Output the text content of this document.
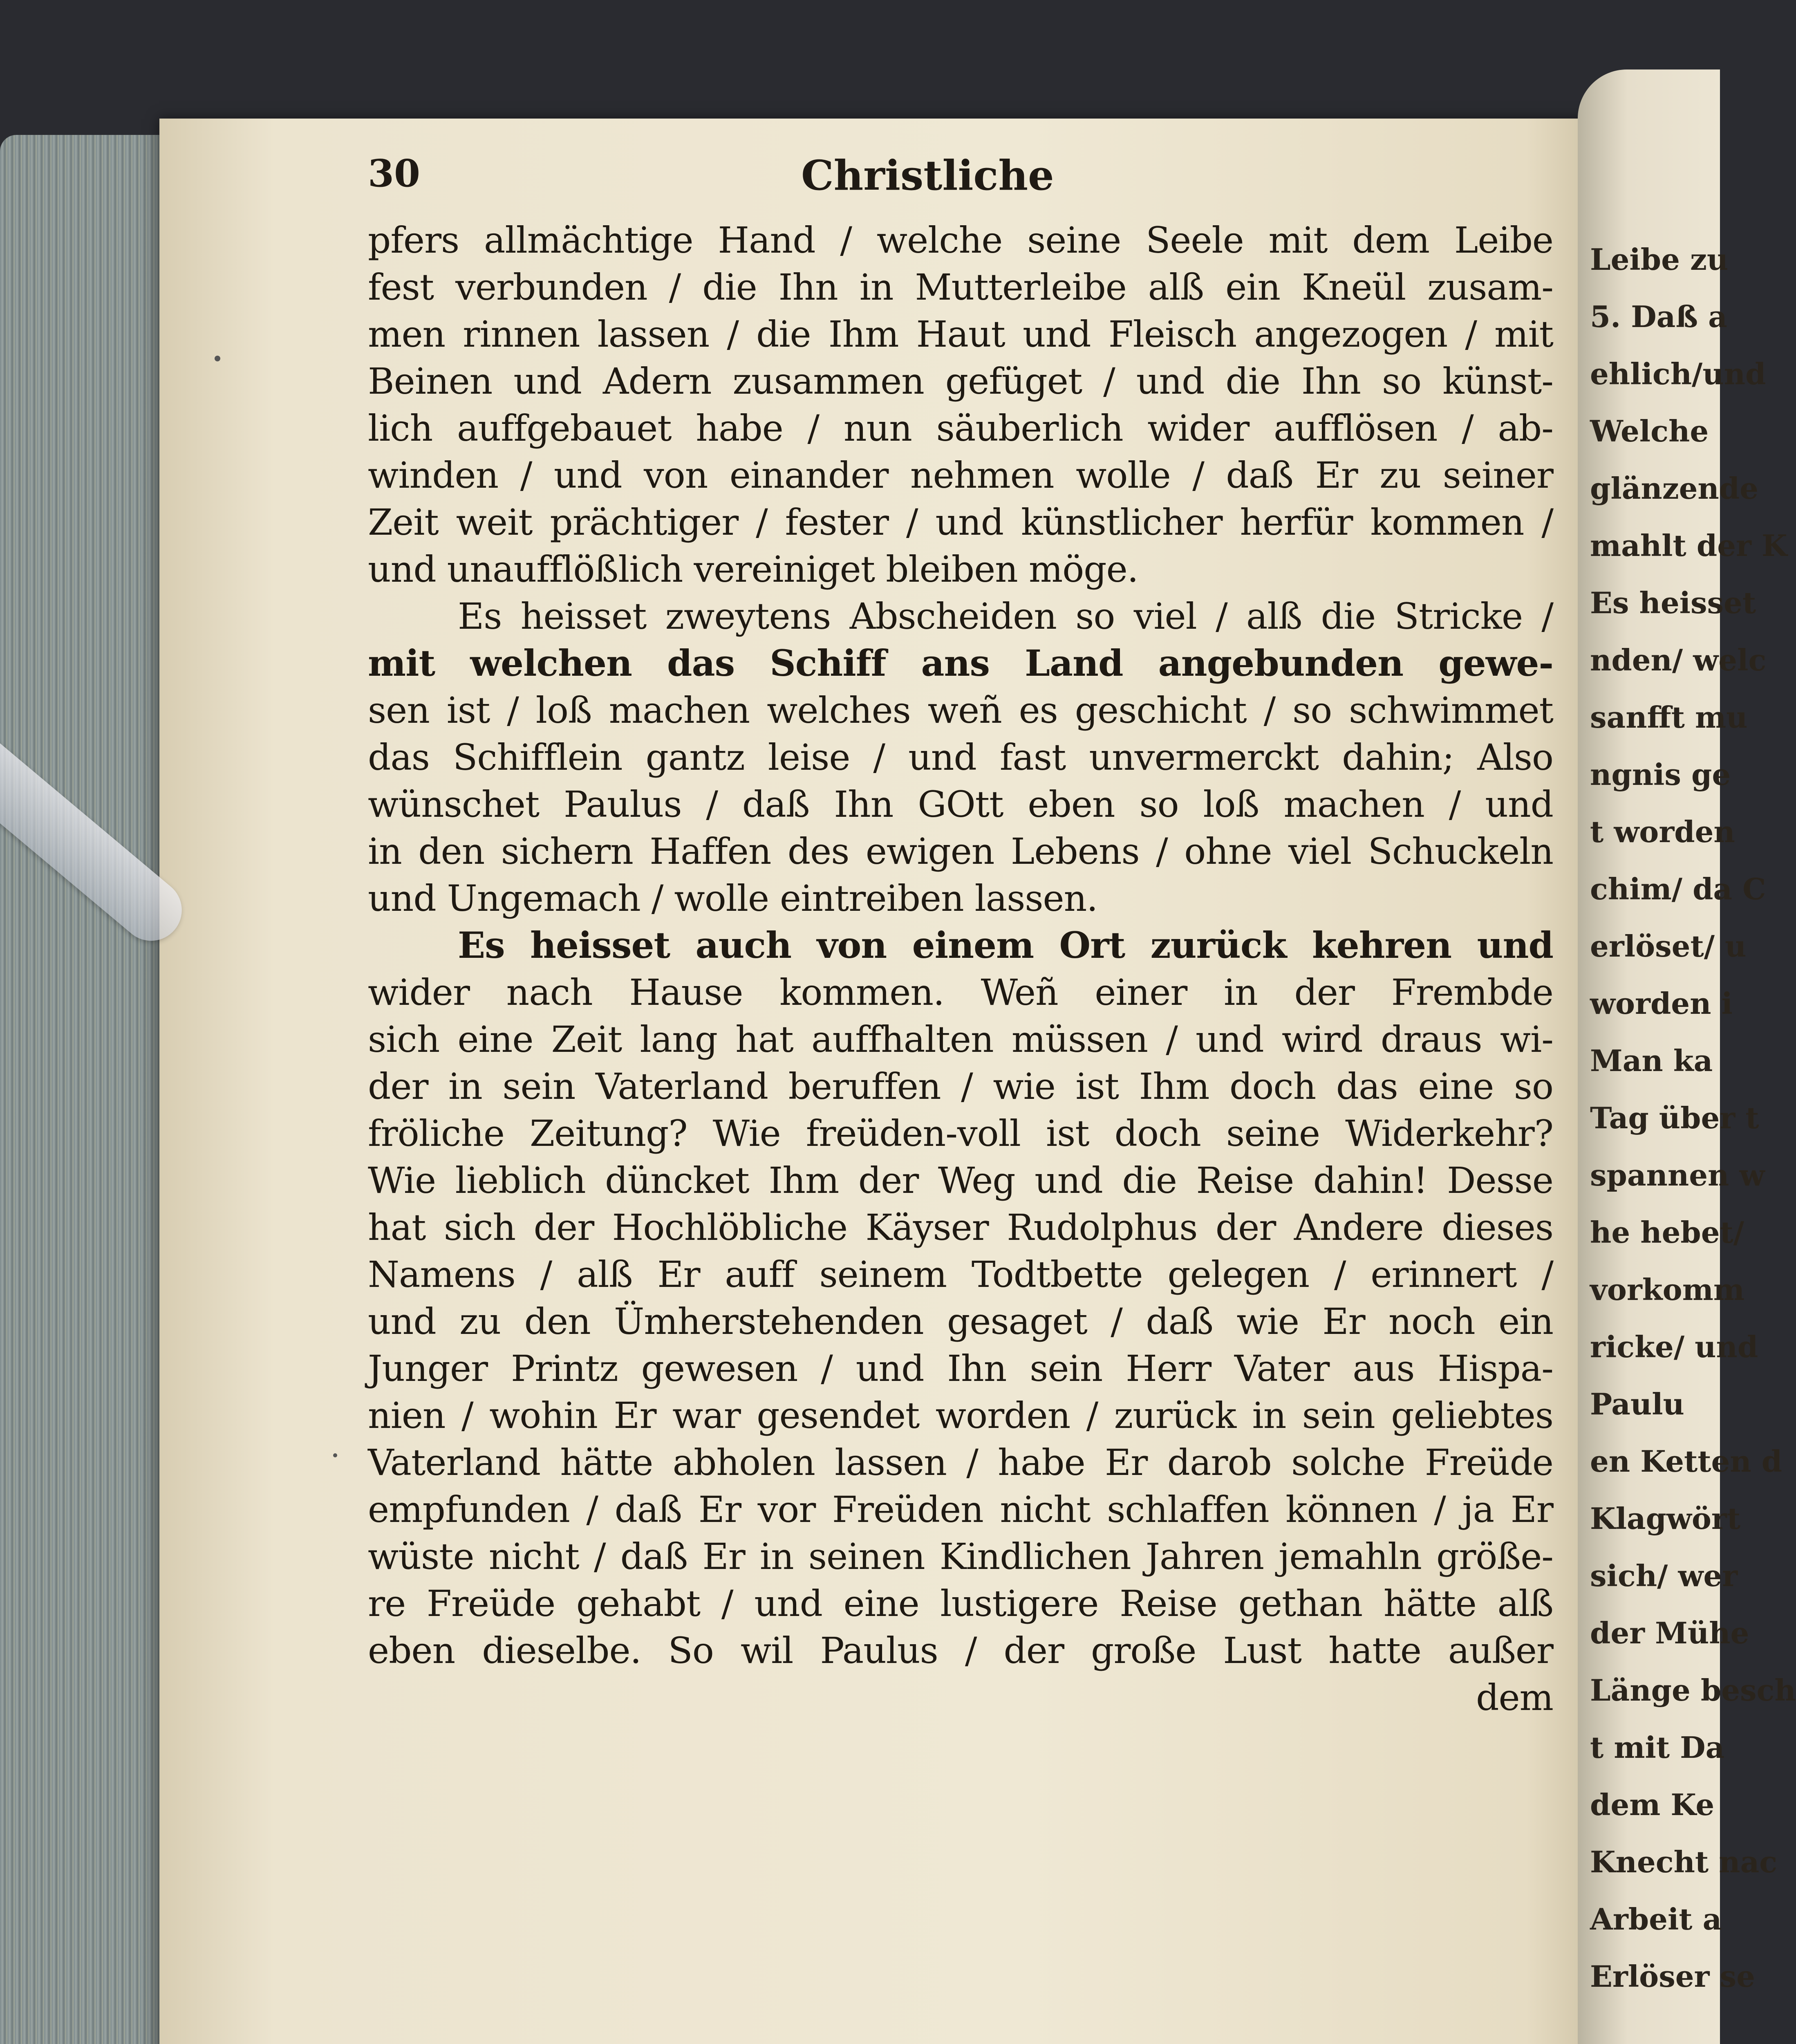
Leibe zu
5. Daß a
ehlich/und
Welche
glänzende
mahlt der K
Es heisset
nden/ welc
sanfft mu
ngnis ge
t worden
chim/ da C
erlöset/ u
worden i
Man ka
Tag über t
spannen w
he hebet/
vorkomm
ricke/ und
Paulu
en Ketten d
Klagwört
sich/ wer
der Mühe
Länge besch
t mit Da
dem Ke
Knecht nac
Arbeit a
Erlöser se
30	Christliche
pfers allmächtige Hand / welche seine Seele mit dem Leibe
fest verbunden / die Ihn in Mutterleibe alß ein Kneül zusam-
men rinnen lassen / die Ihm Haut und Fleisch angezogen / mit
Beinen und Adern zusammen gefüget / und die Ihn so künst-
lich auffgebauet habe / nun säuberlich wider aufflösen / ab-
winden / und von einander nehmen wolle / daß Er zu seiner
Zeit weit prächtiger / fester / und künstlicher herfür kommen /
und unaufflößlich vereiniget bleiben möge.
Es heisset zweytens Abscheiden so viel / alß die Stricke /
mit welchen das Schiff ans Land angebunden gewe-
sen ist / loß machen welches weñ es geschicht / so schwimmet
das Schifflein gantz leise / und fast unvermerckt dahin; Also
wünschet Paulus / daß Ihn GOtt eben so loß machen / und
in den sichern Haffen des ewigen Lebens / ohne viel Schuckeln
und Ungemach / wolle eintreiben lassen.
Es heisset auch von einem Ort zurück kehren und
wider nach Hause kommen. Weñ einer in der Frembde
sich eine Zeit lang hat auffhalten müssen / und wird draus wi-
der in sein Vaterland beruffen / wie ist Ihm doch das eine so
fröliche Zeitung? Wie freüden-voll ist doch seine Widerkehr?
Wie lieblich düncket Ihm der Weg und die Reise dahin! Desse
hat sich der Hochlöbliche Käyser Rudolphus der Andere dieses
Namens / alß Er auff seinem Todtbette gelegen / erinnert /
und zu den Ümherstehenden gesaget / daß wie Er noch ein
Junger Printz gewesen / und Ihn sein Herr Vater aus Hispa-
nien / wohin Er war gesendet worden / zurück in sein geliebtes
Vaterland hätte abholen lassen / habe Er darob solche Freüde
empfunden / daß Er vor Freüden nicht schlaffen können / ja Er
wüste nicht / daß Er in seinen Kindlichen Jahren jemahln größe-
re Freüde gehabt / und eine lustigere Reise gethan hätte alß
eben dieselbe. So wil Paulus / der große Lust hatte außer
dem
